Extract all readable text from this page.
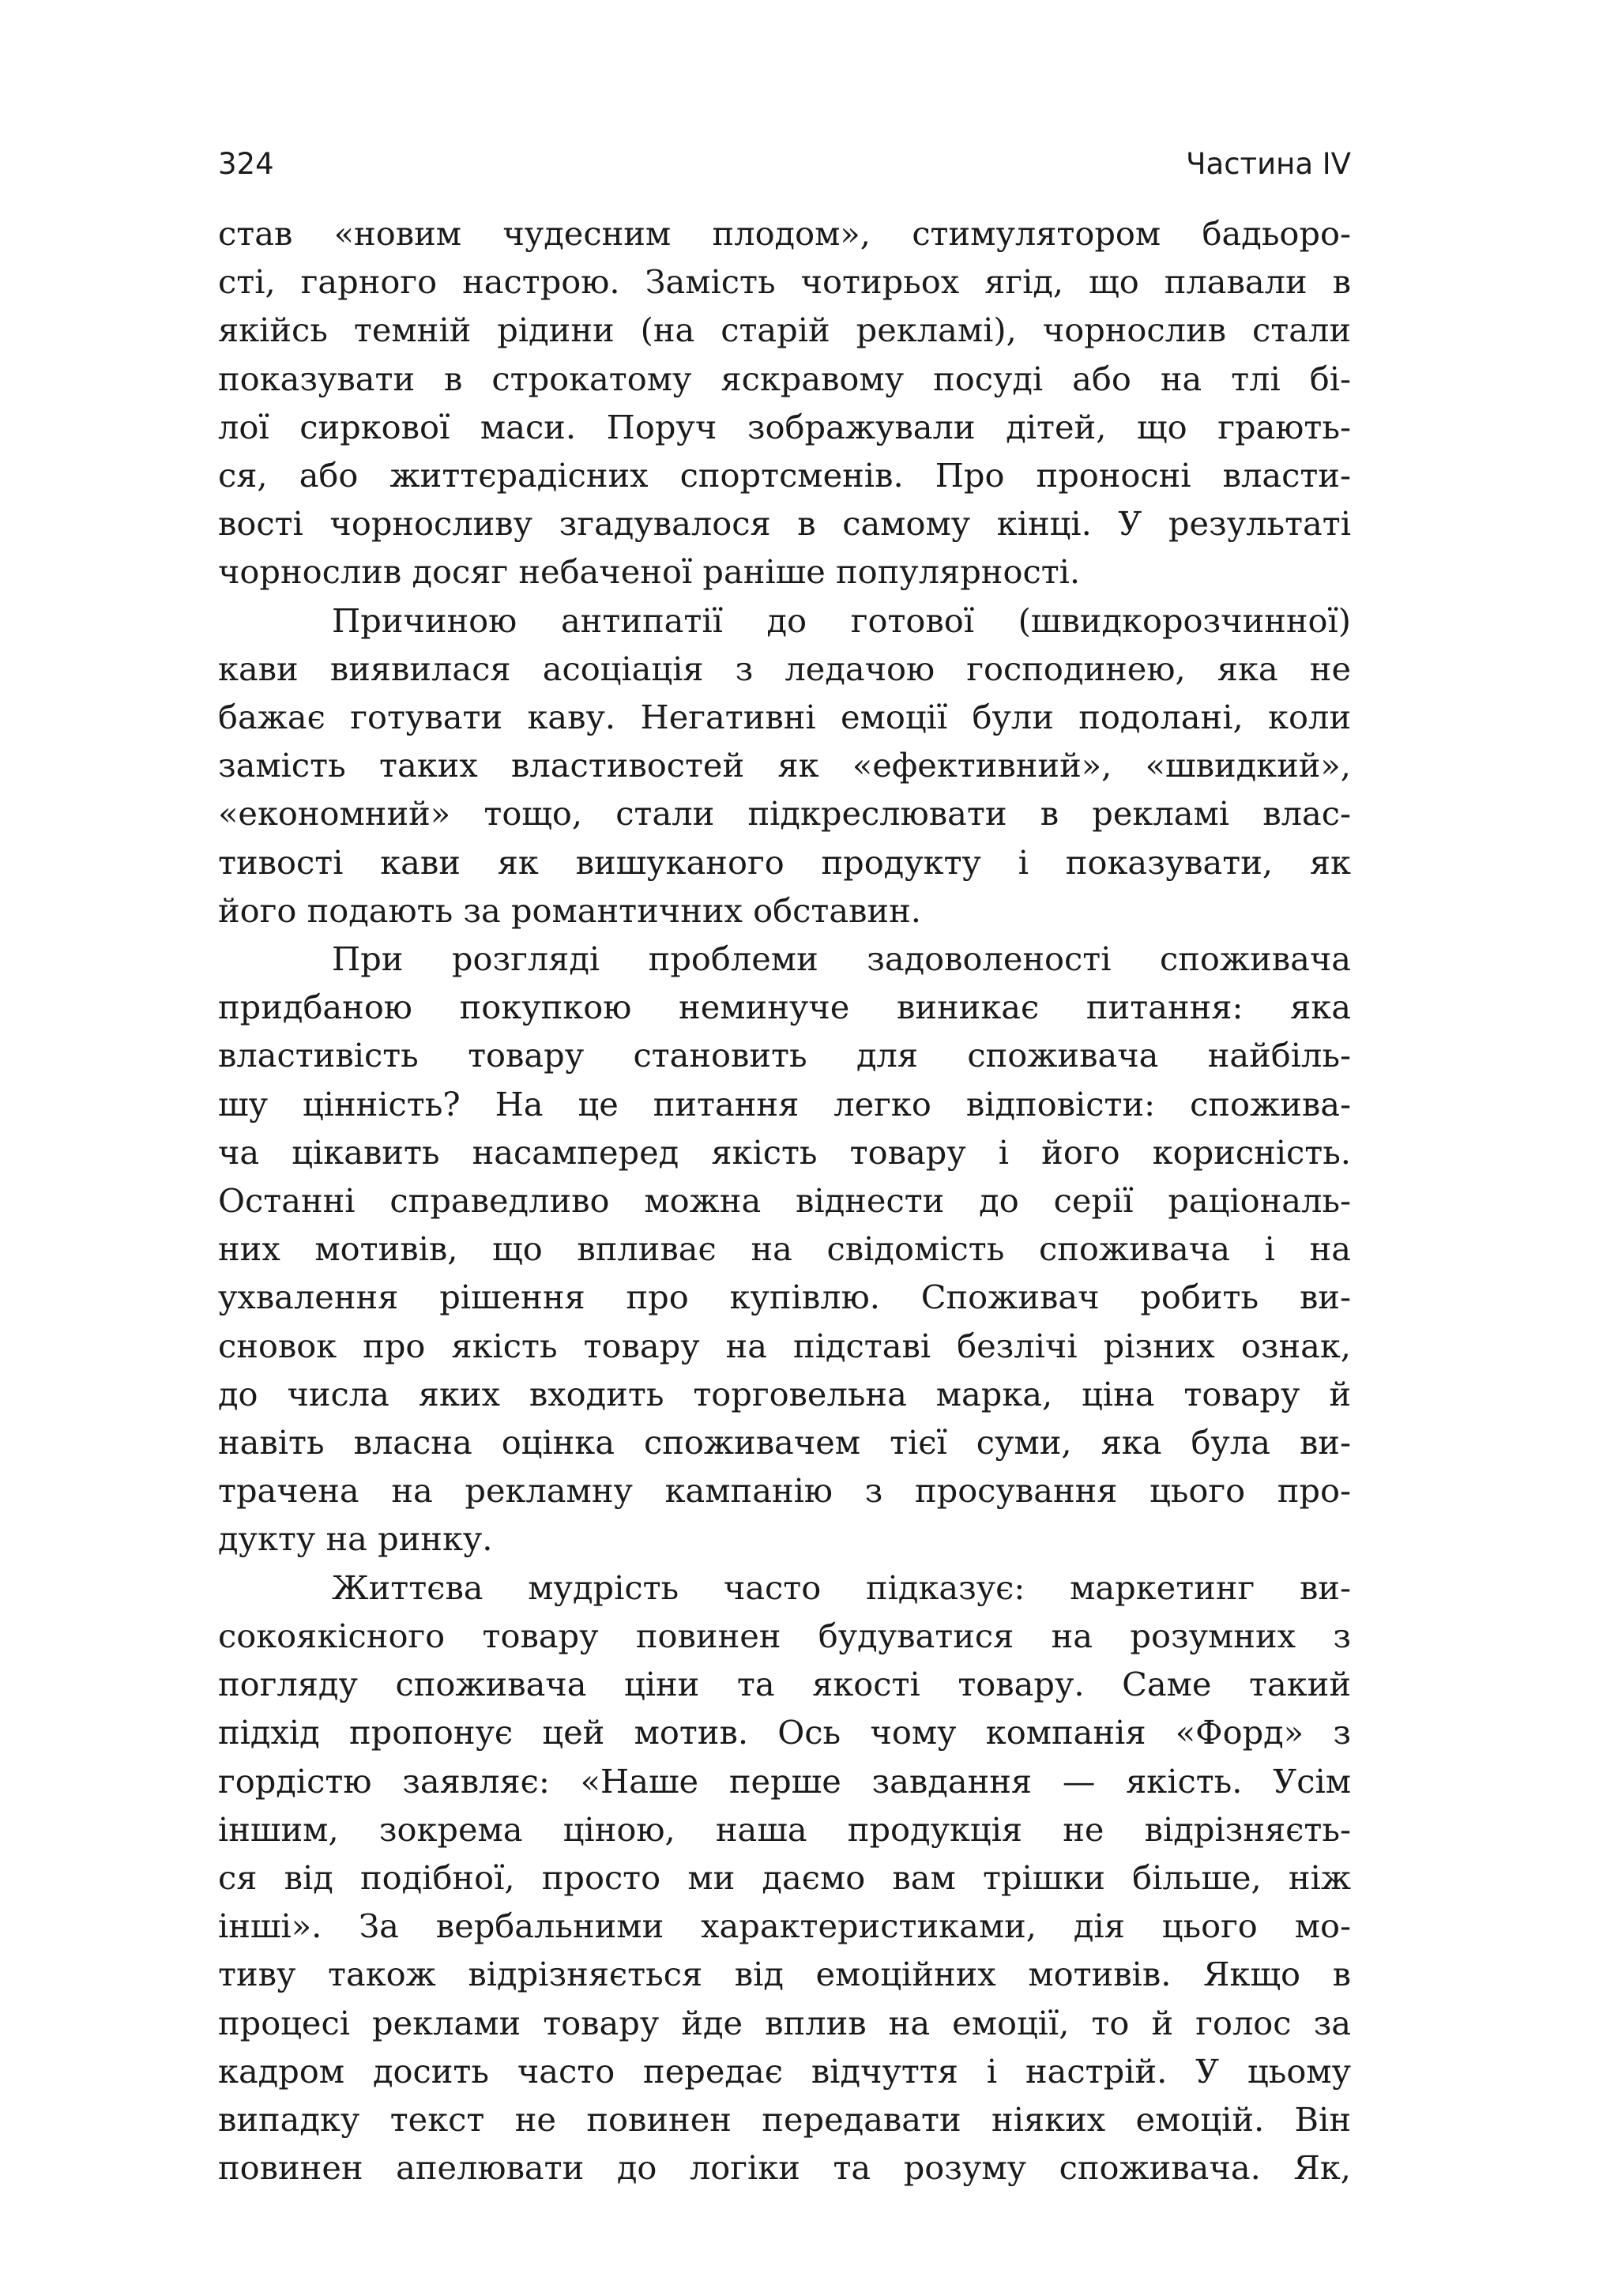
324	Частина IV
став «новим чудесним плодом», стимулятором бадьоро-
сті, гарного настрою. Замість чотирьох ягід, що плавали в
якійсь темній рідини (на старій рекламі), чорнослив стали
показувати в строкатому яскравому посуді або на тлі бі-
лої сиркової маси. Поруч зображували дітей, що грають-
ся, або життєрадісних спортсменів. Про проносні власти-
вості чорносливу згадувалося в самому кінці. У результаті
чорнослив досяг небаченої раніше популярності.
Причиною антипатії до готової (швидкорозчинної)
кави виявилася асоціація з ледачою господинею, яка не
бажає готувати каву. Негативні емоції були подолані, коли
замість таких властивостей як «ефективний», «швидкий»,
«економний» тощо, стали підкреслювати в рекламі влас-
тивості кави як вишуканого продукту і показувати, як
його подають за романтичних обставин.
При розгляді проблеми задоволеності споживача
придбаною покупкою неминуче виникає питання: яка
властивість товару становить для споживача найбіль-
шу цінність? На це питання легко відповісти: спожива-
ча цікавить насамперед якість товару і його корисність.
Останні справедливо можна віднести до серії раціональ-
них мотивів, що впливає на свідомість споживача і на
ухвалення рішення про купівлю. Споживач робить ви-
сновок про якість товару на підставі безлічі різних ознак,
до числа яких входить торговельна марка, ціна товару й
навіть власна оцінка споживачем тієї суми, яка була ви-
трачена на рекламну кампанію з просування цього про-
дукту на ринку.
Життєва мудрість часто підказує: маркетинг ви-
сокоякісного товару повинен будуватися на розумних з
погляду споживача ціни та якості товару. Саме такий
підхід пропонує цей мотив. Ось чому компанія «Форд» з
гордістю заявляє: «Наше перше завдання — якість. Усім
іншим, зокрема ціною, наша продукція не відрізняєть-
ся від подібної, просто ми даємо вам трішки більше, ніж
інші». За вербальними характеристиками, дія цього мо-
тиву також відрізняється від емоційних мотивів. Якщо в
процесі реклами товару йде вплив на емоції, то й голос за
кадром досить часто передає відчуття і настрій. У цьому
випадку текст не повинен передавати ніяких емоцій. Він
повинен апелювати до логіки та розуму споживача. Як,
